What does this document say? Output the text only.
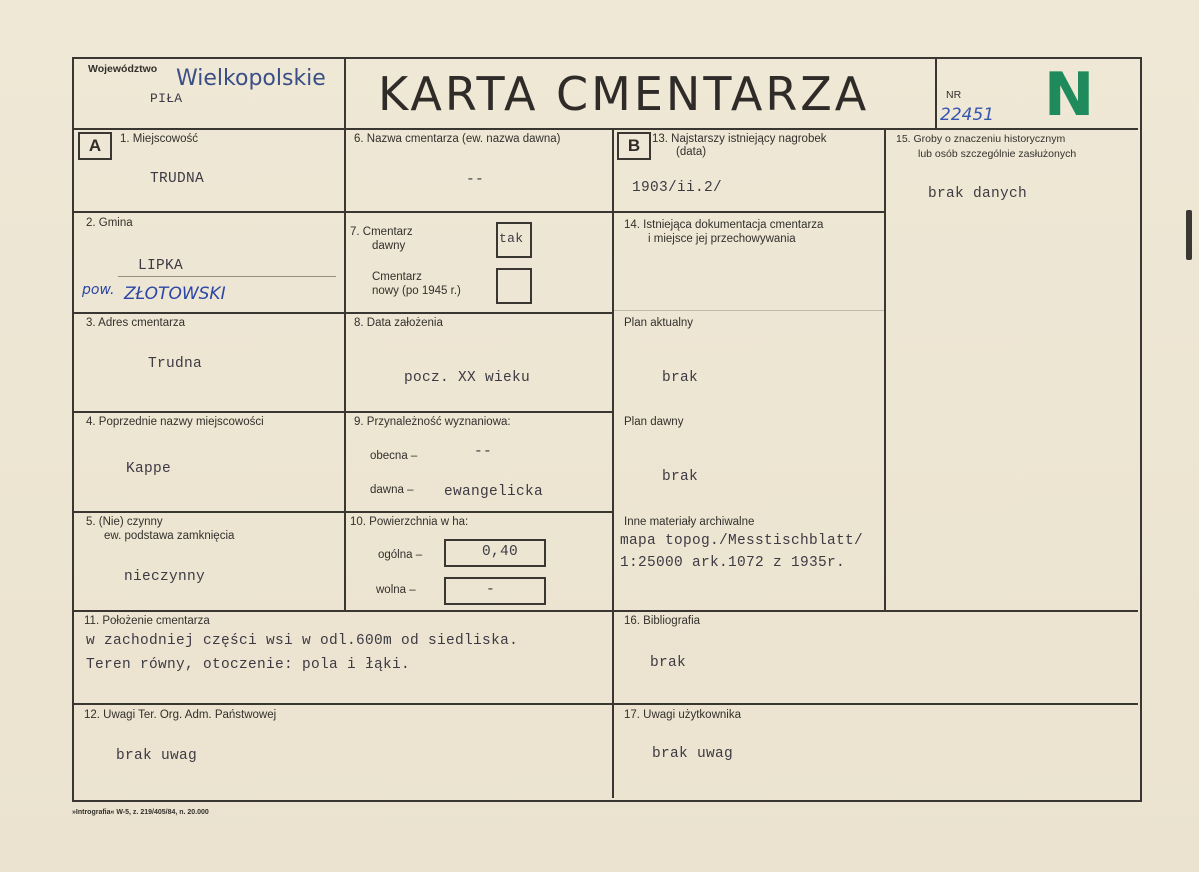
Województwo Wielkopolskie
PIŁA	KARTA CMENTARZA	NR
22451 N
A	B
1. Miejscowość
TRUDNA
6. Nazwa cmentarza (ew. nazwa dawna)
--
13. Najstarszy istniejący nagrobek
(data)
1903/ii.2/
15. Groby o znaczeniu historycznym
lub osób szczególnie zasłużonych
brak danych
2. Gmina
LIPKA
pow. ZŁOTOWSKI
7. Cmentarz
dawny	tak
Cmentarz
nowy (po 1945 r.)
14. Istniejąca dokumentacja cmentarza
i miejsce jej przechowywania
3. Adres cmentarza
Trudna
8. Data założenia
pocz. XX wieku
Plan aktualny
brak
4. Poprzednie nazwy miejscowości
Kappe
9. Przynależność wyznaniowa:
obecna –	--
dawna – ewangelicka
Plan dawny
brak
5. (Nie) czynny
ew. podstawa zamknięcia
nieczynny
10. Powierzchnia w ha:
ogólna –	0,40
wolna –	-
Inne materiały archiwalne
mapa topog./Messtischblatt/
1:25000 ark.1072 z 1935r.
11. Położenie cmentarza
w zachodniej części wsi w odl.600m od siedliska.
Teren równy, otoczenie: pola i łąki.
16. Bibliografia
brak
12. Uwagi Ter. Org. Adm. Państwowej
brak uwag
17. Uwagi użytkownika
brak uwag
»Intrografia« W-5, z. 219/405/84, n. 20.000
